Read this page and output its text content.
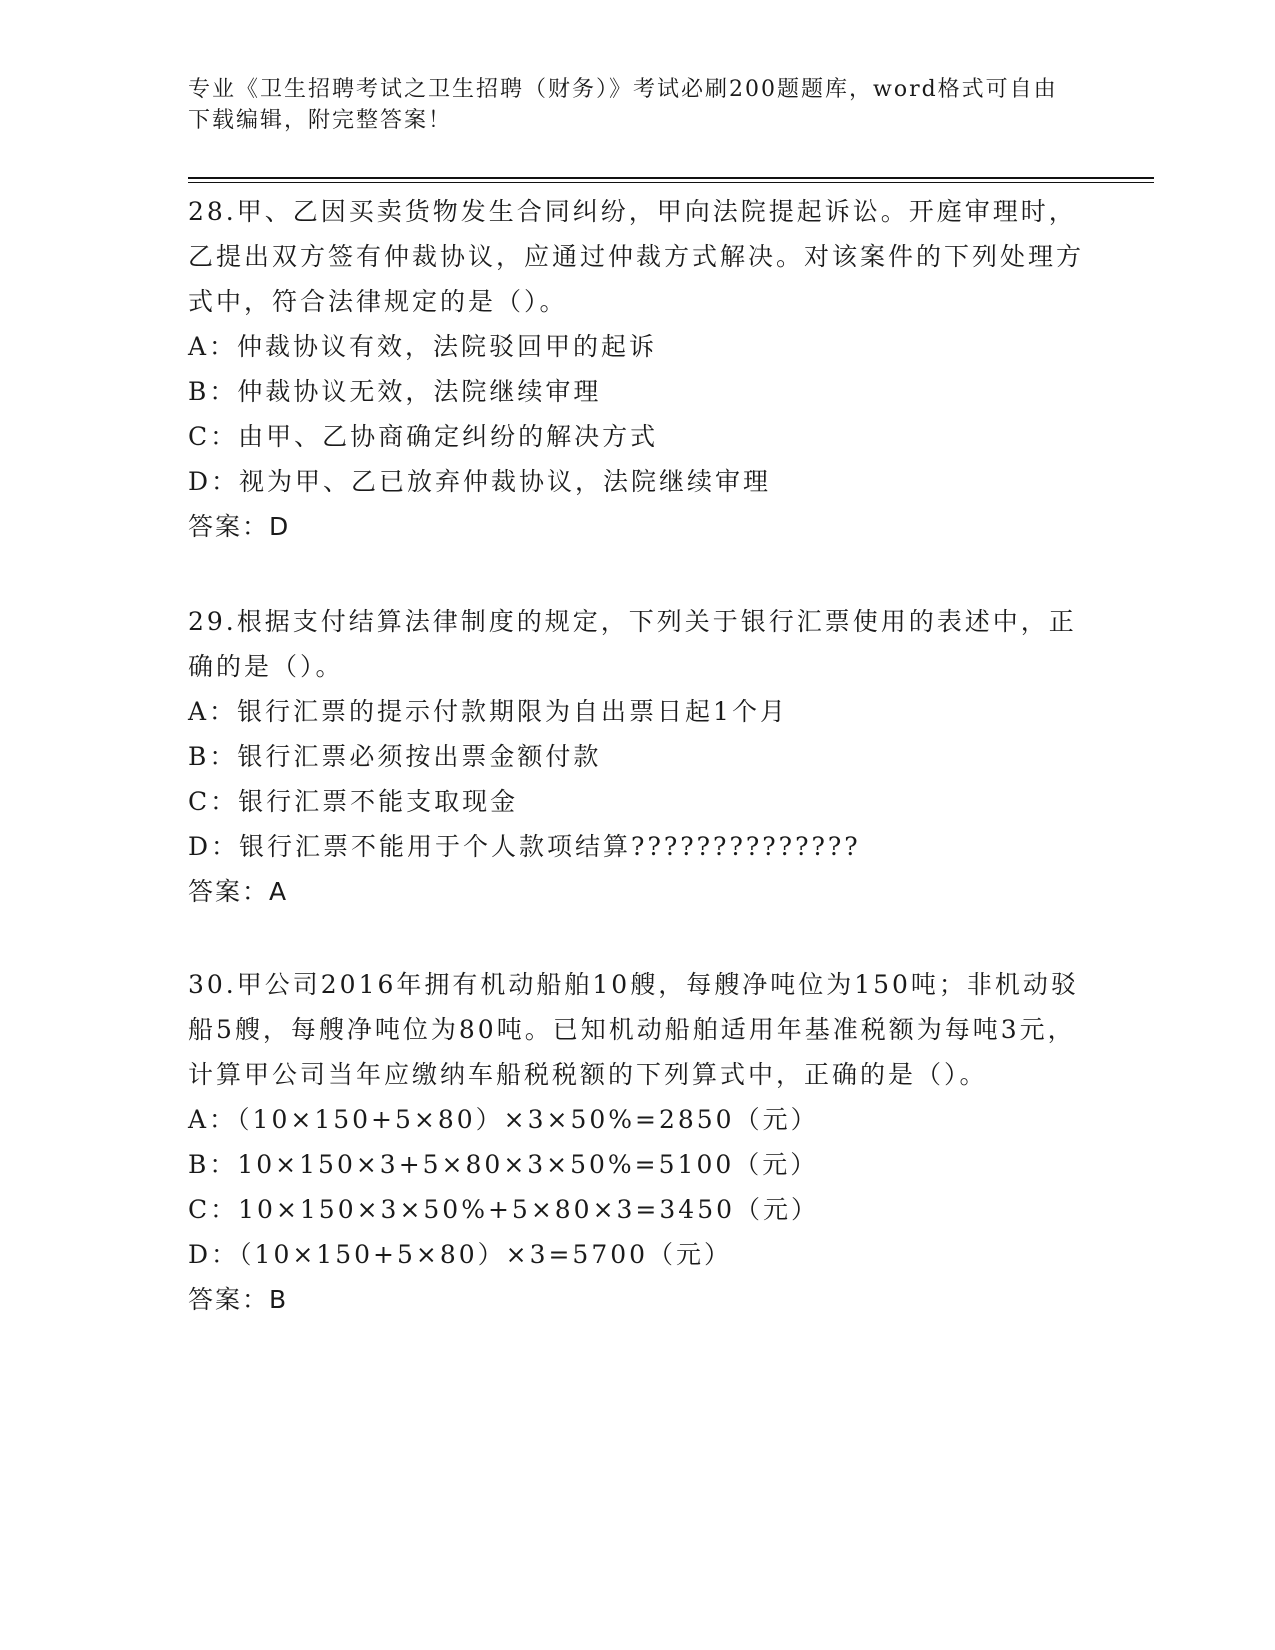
专业《卫生招聘考试之卫生招聘（财务）》考试必刷200题题库，word格式可自由下载编辑，附完整答案！

28.甲、乙因买卖货物发生合同纠纷，甲向法院提起诉讼。开庭审理时，乙提出双方签有仲裁协议，应通过仲裁方式解决。对该案件的下列处理方式中，符合法律规定的是（）。

A：仲裁协议有效，法院驳回甲的起诉

B：仲裁协议无效，法院继续审理

C：由甲、乙协商确定纠纷的解决方式

D：视为甲、乙已放弃仲裁协议，法院继续审理

答案：D

29.根据支付结算法律制度的规定，下列关于银行汇票使用的表述中，正确的是（）。

A：银行汇票的提示付款期限为自出票日起1个月

B：银行汇票必须按出票金额付款

C：银行汇票不能支取现金

D：银行汇票不能用于个人款项结算??????????????

答案：A

30.甲公司2016年拥有机动船舶10艘，每艘净吨位为150吨；非机动驳船5艘，每艘净吨位为80吨。已知机动船舶适用年基准税额为每吨3元，计算甲公司当年应缴纳车船税税额的下列算式中，正确的是（）。

A：（10×150+5×80）×3×50%=2850（元）

B：10×150×3+5×80×3×50%=5100（元）

C：10×150×3×50%+5×80×3=3450（元）

D：（10×150+5×80）×3=5700（元）

答案：B
